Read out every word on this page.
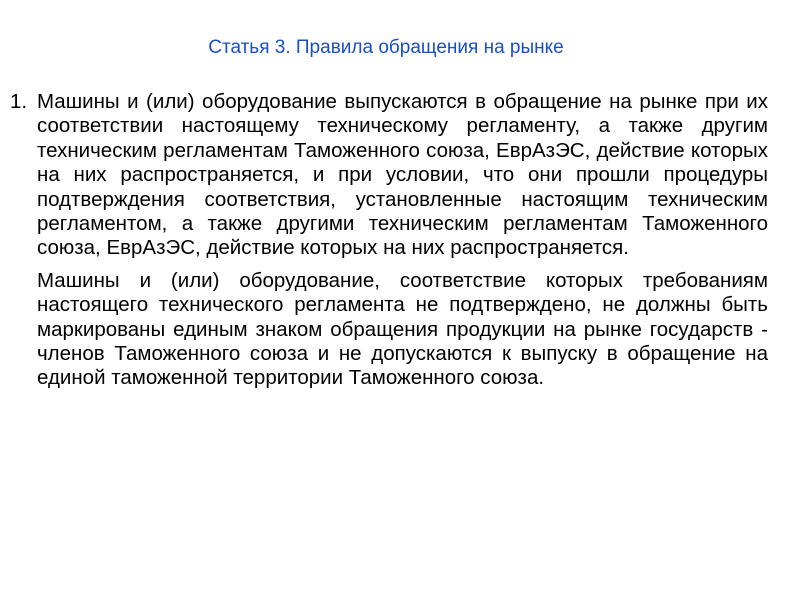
Статья 3. Правила обращения на рынке
1. Машины и (или) оборудование выпускаются в обращение на рынке при их соответствии настоящему техническому регламенту, а также другим техническим регламентам Таможенного союза, ЕврАзЭС, действие которых на них распространяется, и при условии, что они прошли процедуры подтверждения соответствия, установленные настоящим техническим регламентом, а также другими техническим регламентам Таможенного союза, ЕврАзЭС, действие которых на них распространяется.

Машины и (или) оборудование, соответствие которых требованиям настоящего технического регламента не подтверждено, не должны быть маркированы единым знаком обращения продукции на рынке государств - членов Таможенного союза и не допускаются к выпуску в обращение на единой таможенной территории Таможенного союза.
